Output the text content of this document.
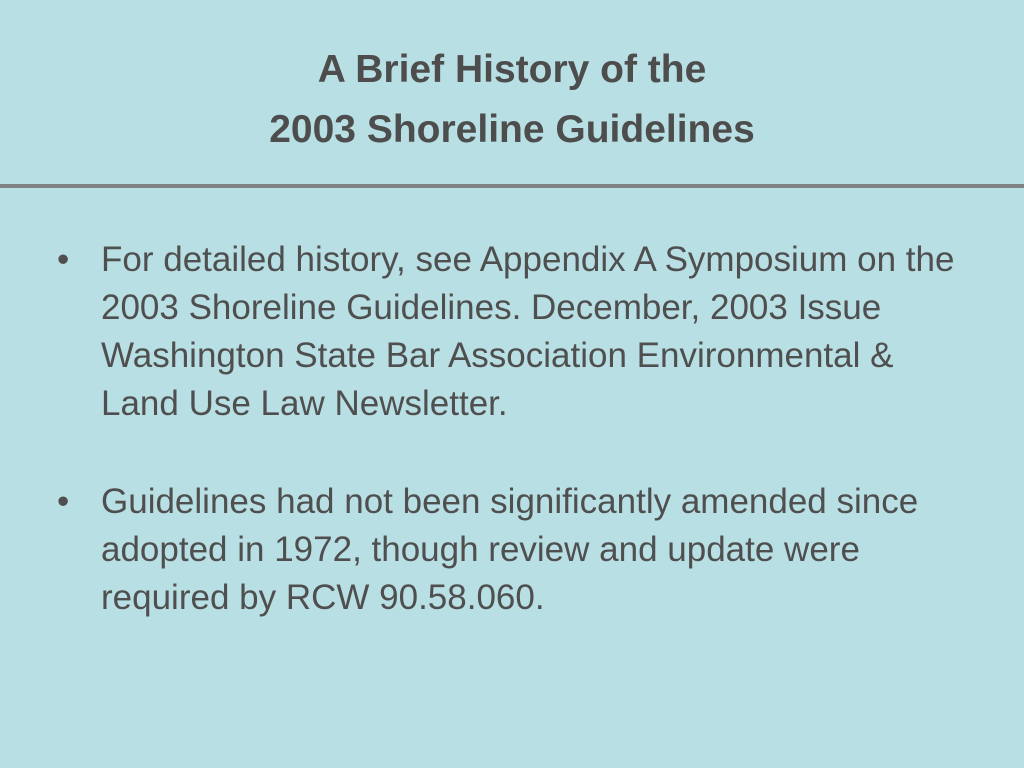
A Brief History of the
2003 Shoreline Guidelines
• For detailed history, see Appendix A Symposium on the 2003 Shoreline Guidelines. December, 2003 Issue Washington State Bar Association Environmental & Land Use Law Newsletter.
• Guidelines had not been significantly amended since adopted in 1972, though review and update were required by RCW 90.58.060.
